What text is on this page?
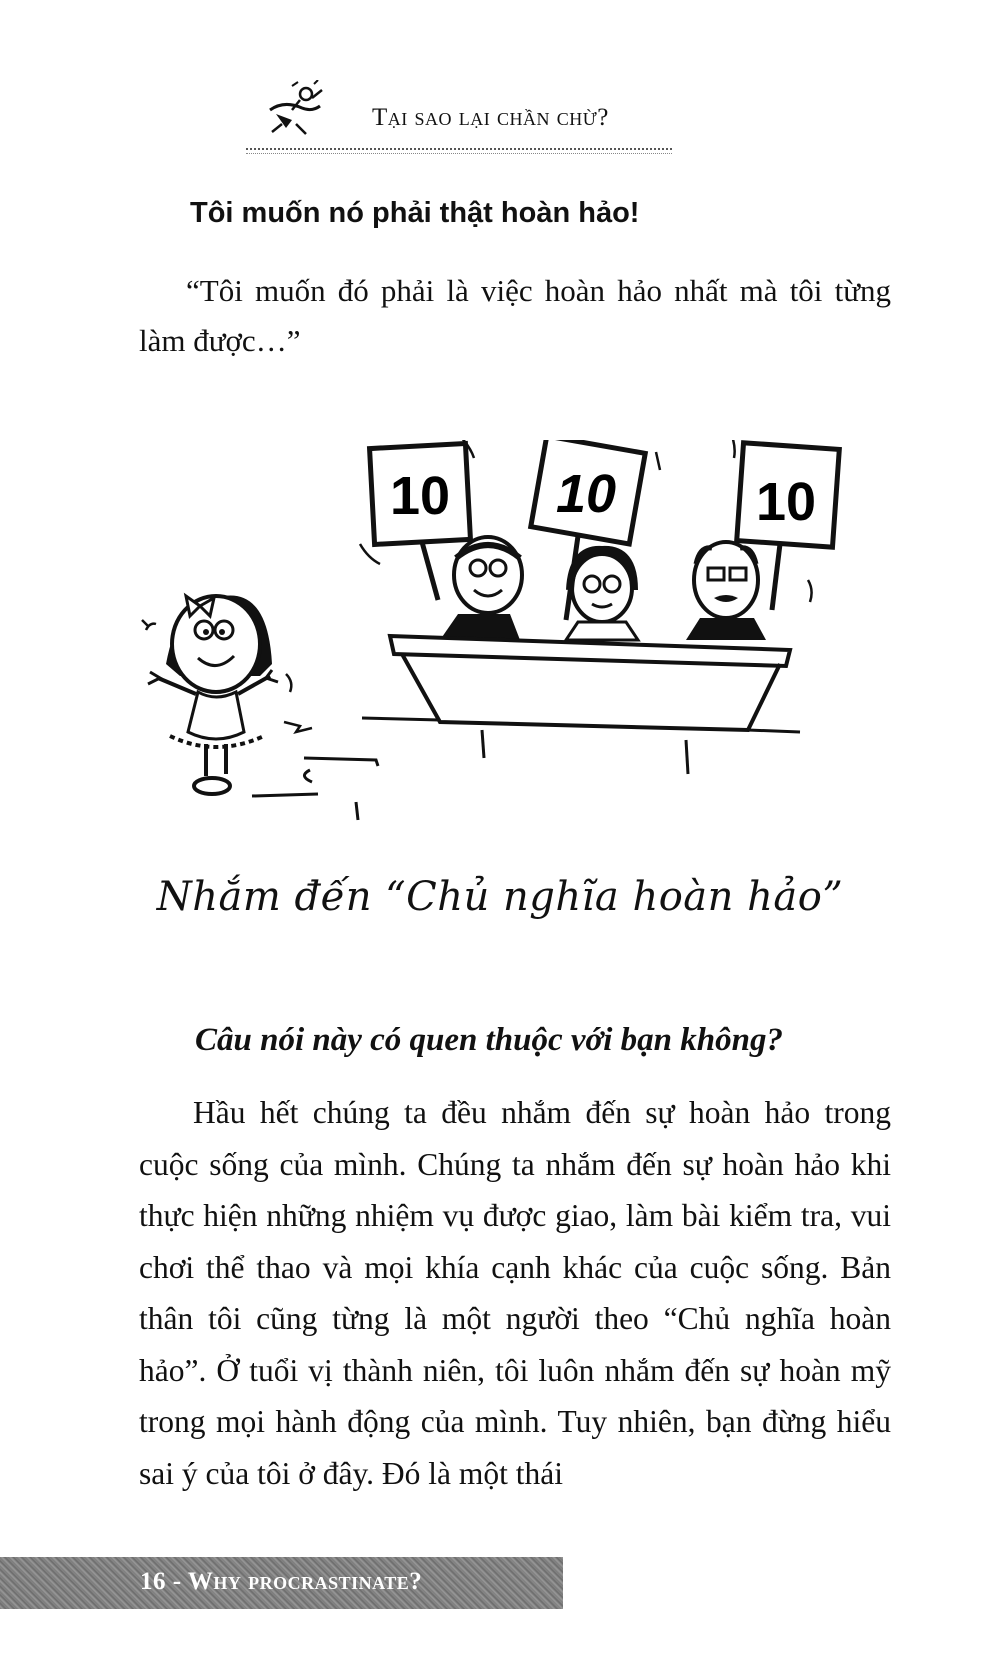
Tại sao lại chần chừ?
Tôi muốn nó phải thật hoàn hảo!
“Tôi muốn đó phải là việc hoàn hảo nhất mà tôi từng làm được…”
10 10	10
Nhắm đến “Chủ nghĩa hoàn hảo”
Câu nói này có quen thuộc với bạn không?
Hầu hết chúng ta đều nhắm đến sự hoàn hảo trong cuộc sống của mình. Chúng ta nhắm đến sự hoàn hảo khi thực hiện những nhiệm vụ được giao, làm bài kiểm tra, vui chơi thể thao và mọi khía cạnh khác của cuộc sống. Bản thân tôi cũng từng là một người theo “Chủ nghĩa hoàn hảo”. Ở tuổi vị thành niên, tôi luôn nhắm đến sự hoàn mỹ trong mọi hành động của mình. Tuy nhiên, bạn đừng hiểu sai ý của tôi ở đây. Đó là một thái
16 - Why procrastinate?
